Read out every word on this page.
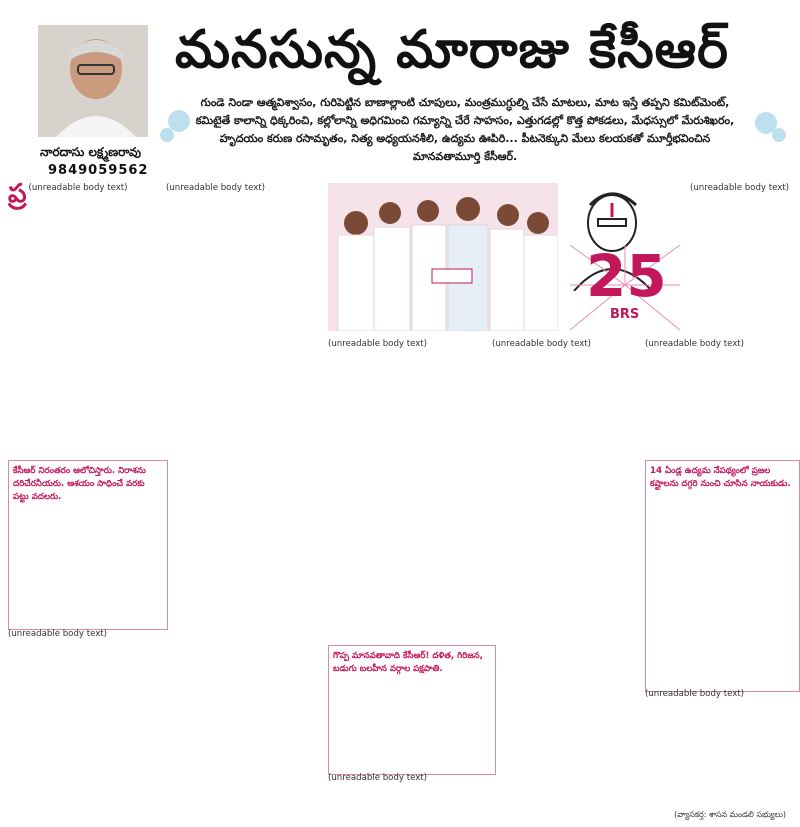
మనసున్న మారాజు కేసీఆర్
నారదాసు లక్ష్మణరావు
9849059562
గుండె నిండా ఆత్మవిశ్వాసం, గురిపెట్టిన బాణాల్లాంటి చూపులు, మంత్రముగ్ధుల్ని చేసే మాటలు, మాట ఇస్తే తప్పని కమిట్‌మెంట్, కమిటైతే కాలాన్ని ధిక్కరించి, కల్లోలాన్ని అధిగమించి గమ్యాన్ని చేరే సాహసం, ఎత్తుగడల్లో కొత్త పోకడలు, మేధస్సులో మేరుశిఖరం, హృదయం కరుణ రసామృతం, నిత్య అధ్యయనశీలి, ఉద్యమ ఊపిరి... పీటనెక్కుని మేలు కలయకతో మూర్తీభవించిన మానవతామూర్తి కేసీఆర్.
25
BRS
ప్ర (unreadable body text)
కేసీఆర్ నిరంతరం ఆలోచిస్తారు. నిరాశను దరిచేరనీయరు. ఆశయం సాధించే వరకు పట్టు వదలరు.
(unreadable body text)
(unreadable body text)
(unreadable body text)
గొప్ప మానవతావాది కేసీఆర్! దళిత, గిరిజన, బడుగు బలహీన వర్గాల పక్షపాతి.
(unreadable body text)
(unreadable body text)
(unreadable body text)
(unreadable body text)
14 ఏండ్ల ఉద్యమ నేపథ్యంలో ప్రజల కష్టాలను దగ్గరి నుంచి చూసిన నాయకుడు.
(unreadable body text)
(వ్యాసకర్త: శాసన మండలి సభ్యులు)
